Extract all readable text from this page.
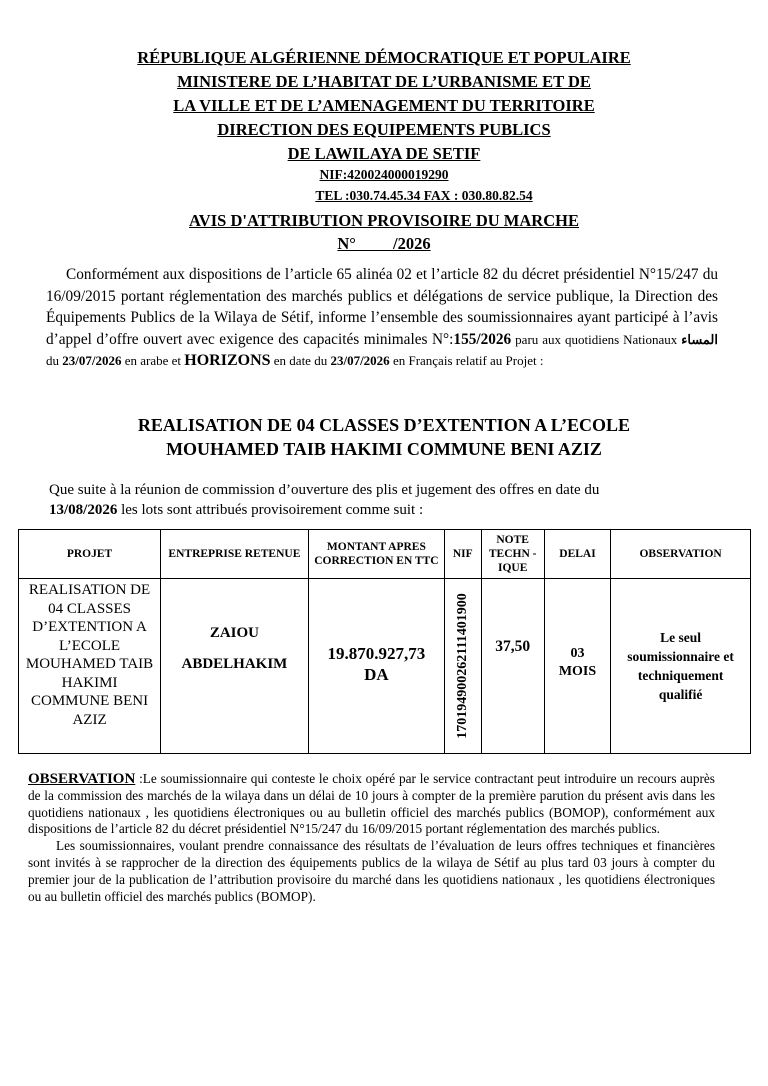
RÉPUBLIQUE ALGÉRIENNE DÉMOCRATIQUE ET POPULAIRE
MINISTERE DE L’HABITAT DE L’URBANISME ET DE
LA VILLE ET DE L’AMENAGEMENT DU TERRITOIRE
DIRECTION DES EQUIPEMENTS PUBLICS
DE LAWILAYA DE SETIF
NIF:420024000019290
TEL :030.74.45.34 FAX : 030.80.82.54
AVIS D'ATTRIBUTION PROVISOIRE DU MARCHE
N°         /2026

Conformément aux dispositions de l’article 65 alinéa 02 et l’article 82 du décret présidentiel N°15/247 du 16/09/2015 portant réglementation des marchés publics et délégations de service publique, la Direction des Équipements Publics de la Wilaya de Sétif, informe l’ensemble des soumissionnaires ayant participé à l’avis d’appel d’offre ouvert avec exigence des capacités minimales N°:155/2026 paru aux quotidiens Nationaux المساء du 23/07/2026 en arabe et HORIZONS en date du 23/07/2026 en Français relatif au Projet :

REALISATION DE 04 CLASSES D’EXTENTION A L’ECOLE
MOUHAMED TAIB HAKIMI COMMUNE BENI AZIZ
Que suite à la réunion de commission d’ouverture des plis et jugement des offres en date du
13/08/2026 les lots sont attribués provisoirement comme suit :
PROJET	ENTREPRISE RETENUE	MONTANT APRES CORRECTION EN TTC	NIF	NOTE TECHN -IQUE	DELAI	OBSERVATION
REALISATION DE 04 CLASSES D’EXTENTION A L’ECOLE MOUHAMED TAIB HAKIMI COMMUNE BENI AZIZ	ZAIOU
ABDELHAKIM	19.870.927,73 DA	170194900262111401900	37,50	03 MOIS	Le seul soumissionnaire et techniquement qualifié

OBSERVATION :Le soumissionnaire qui conteste le choix opéré par le service contractant peut introduire un recours auprès de la commission des marchés de la wilaya dans un délai de 10 jours à compter de la première parution du présent avis dans les quotidiens nationaux , les quotidiens électroniques ou au bulletin officiel des marchés publics (BOMOP), conformément aux dispositions de l’article 82 du décret présidentiel N°15/247 du 16/09/2015 portant réglementation des marchés publics.

Les soumissionnaires, voulant prendre connaissance des résultats de l’évaluation de leurs offres techniques et financières sont invités à se rapprocher de la direction des équipements publics de la wilaya de Sétif au plus tard 03 jours à compter du premier jour de la publication de l’attribution provisoire du marché dans les quotidiens nationaux , les quotidiens électroniques ou au bulletin officiel des marchés publics (BOMOP).
